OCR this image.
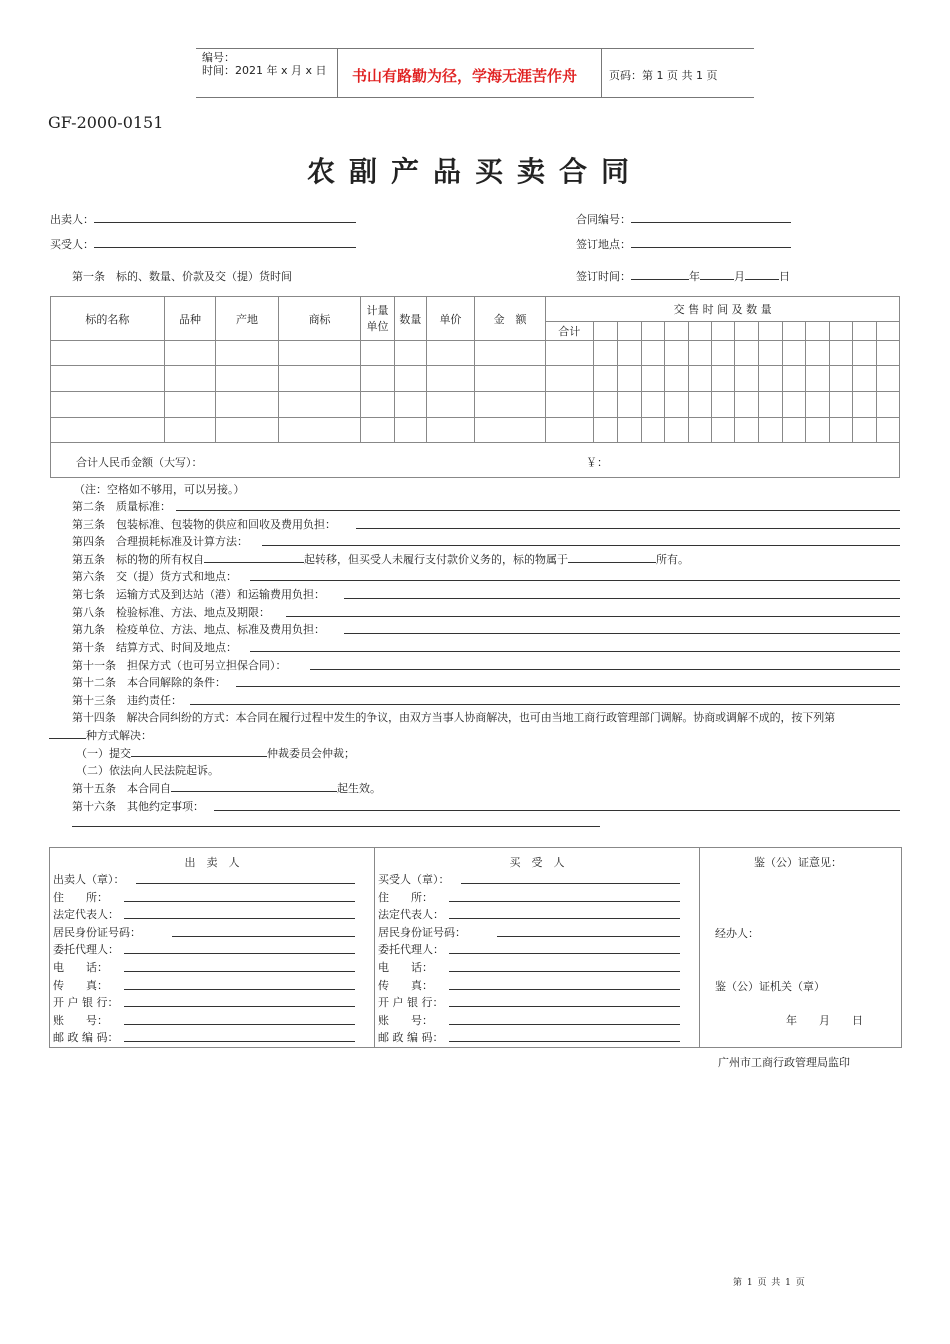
编号：
时间：2021 年 x 月 x 日 书山有路勤为径，学海无涯苦作舟	页码：第 1 页 共 1 页
GF-2000-0151
农副产品买卖合同
出卖人：
买受人：
合同编号：
签订地点：
第一条　标的、数量、价款及交（提）货时间	签订时间：	年	月	日
标的名称	品种	产地	商标	计量单位	数量	单价	金　额	交 售 时 间 及 数 量													
								合计													

合计人民币金额（大写）： ￥：																					
（注：空格如不够用，可以另接。）
第二条　质量标准：
第三条　包装标准、包装物的供应和回收及费用负担：
第四条　合理损耗标准及计算方法：
第五条　标的物的所有权自	起转移，但买受人未履行支付款价义务的，标的物属于	所有。
第六条　交（提）货方式和地点：
第七条　运输方式及到达站（港）和运输费用负担：
第八条　检验标准、方法、地点及期限：
第九条　检疫单位、方法、地点、标准及费用负担：
第十条　结算方式、时间及地点：
第十一条　担保方式（也可另立担保合同）：
第十二条　本合同解除的条件：
第十三条　违约责任：
第十四条　解决合同纠纷的方式：本合同在履行过程中发生的争议，由双方当事人协商解决，也可由当地工商行政管理部门调解。协商或调解不成的，按下列第
种方式解决：
（一）提交	仲裁委员会仲裁；
（二）依法向人民法院起诉。
第十五条　本合同自	起生效。
第十六条　其他约定事项：
出　卖　人
出卖人（章）：
住　　所：
法定代表人：
居民身份证号码：
委托代理人：
电　　话：
传　　真：
开 户 银 行：
账　　号：
邮 政 编 码：
买　受　人
买受人（章）：
住　　所：
法定代表人：
居民身份证号码：
委托代理人：
电　　话：
传　　真：
开 户 银 行：
账　　号：
邮 政 编 码：
鉴（公）证意见：
经办人：
鉴（公）证机关（章）
年　　月　　日
广州市工商行政管理局监印
第 1 页 共 1 页
